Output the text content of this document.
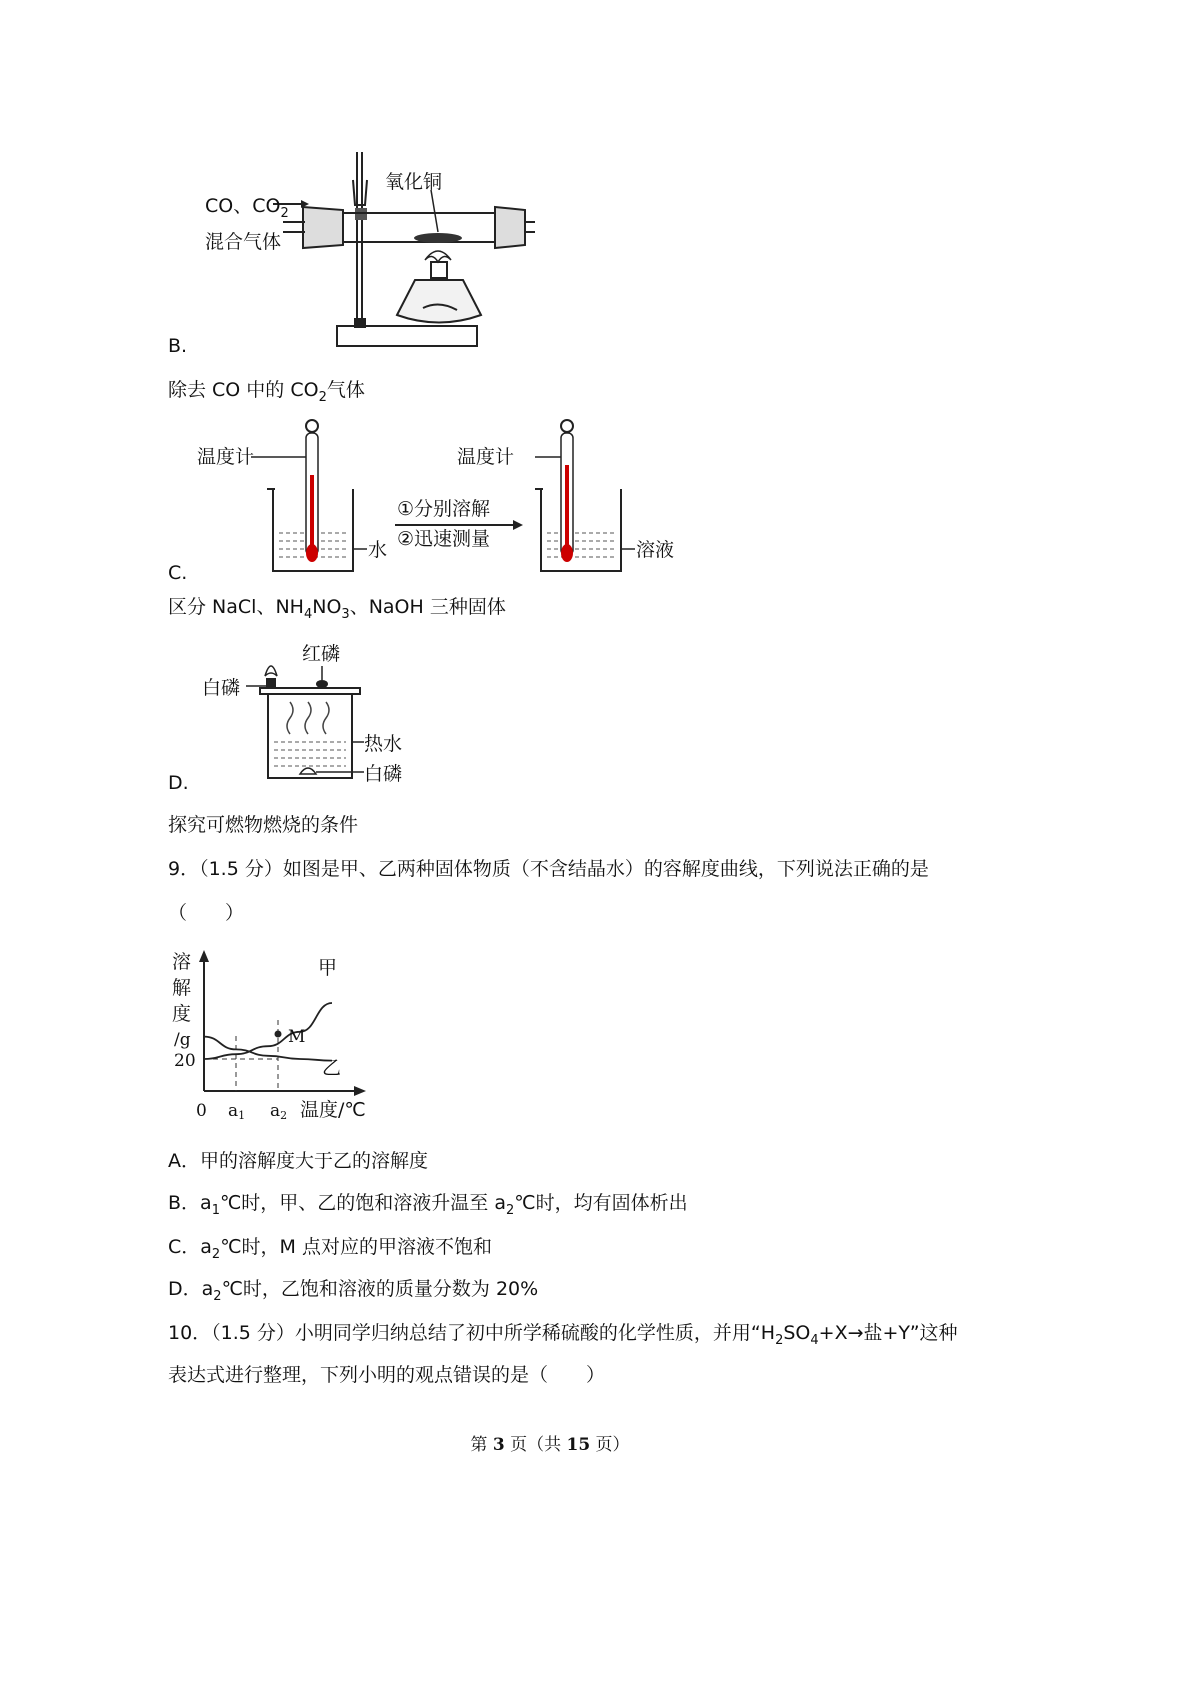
CO、$CO_2$
混合气体
氧化铜
B.
除去 CO 中的 $CO_2$气体
温度计	温度计
①分别溶解
②迅速测量
水	溶液
C.
区分 NaCl、$NH_4NO_3$、NaOH 三种固体
红磷
白磷
热水
白磷
D.
探究可燃物燃烧的条件
9．（1.5 分）如图是甲、乙两种固体物质（不含结晶水）的容解度曲线，下列说法正确的是
（　　）
溶
解
度
/g
20
0 a1 a2 温度/℃
甲
乙
M
A．甲的溶解度大于乙的溶解度
B．$a_1℃$时，甲、乙的饱和溶液升温至 $a_2℃$时，均有固体析出
C．$a_2℃$时，M 点对应的甲溶液不饱和
D．$a_2℃$时，乙饱和溶液的质量分数为 20%
10．（1.5 分）小明同学归纳总结了初中所学稀硫酸的化学性质，并用“$H_2SO_4+X\to$盐+Y”这种
表达式进行整理，下列小明的观点错误的是（　　）
第 3 页（共 15 页）
